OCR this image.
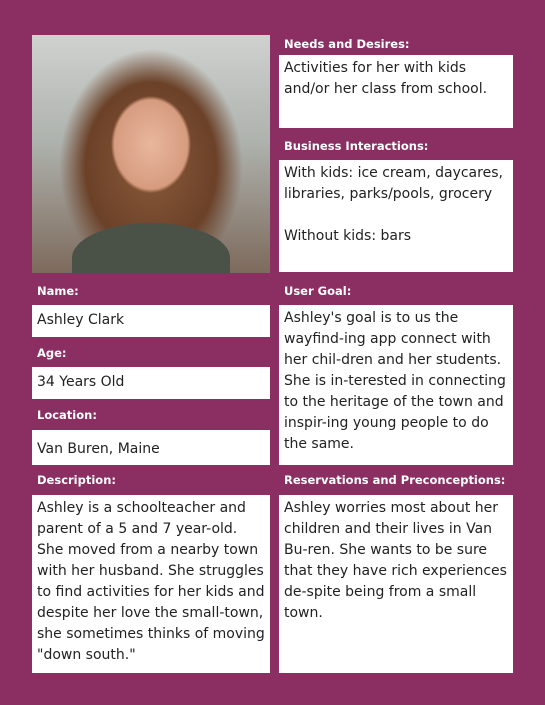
Needs and Desires:
Activities for her with kids and/or her class from school.
Business Interactions:
With kids: ice cream, daycares, libraries, parks/pools, grocery

Without kids: bars
Name:
Ashley Clark
Age:
34 Years Old
Location:
Van Buren, Maine
Description:
Ashley is a schoolteacher and parent of a 5 and 7 year-old. She moved from a nearby town with her husband. She struggles to find activities for her kids and despite her love the small-town, she sometimes thinks of moving "down south."
User Goal:
Ashley's goal is to us the wayfind-ing app connect with her chil-dren and her students. She is in-terested in connecting to the heritage of the town and inspir-ing young people to do the same.
Reservations and Preconceptions:
Ashley worries most about her children and their lives in Van Bu-ren. She wants to be sure that they have rich experiences de-spite being from a small town.
